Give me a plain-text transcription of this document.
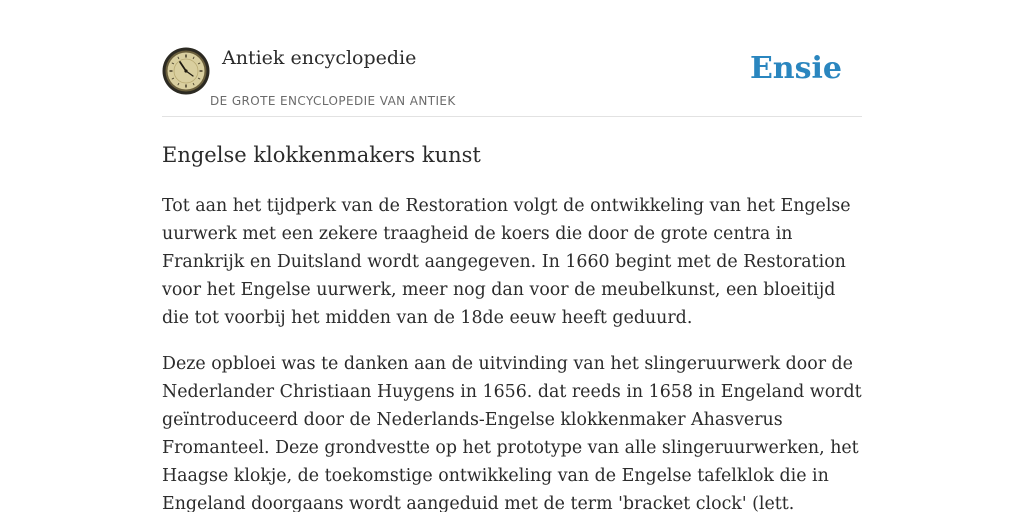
Antiek encyclopedie
DE GROTE ENCYCLOPEDIE VAN ANTIEK
Ensie
Engelse klokkenmakers kunst

Tot aan het tijdperk van de Restoration volgt de ontwikkeling van het Engelse uurwerk met een zekere traagheid de koers die door de grote centra in Frankrijk en Duitsland wordt aangegeven. In 1660 begint met de Restoration voor het Engelse uurwerk, meer nog dan voor de meubelkunst, een bloeitijd die tot voorbij het midden van de 18de eeuw heeft geduurd.

Deze opbloei was te danken aan de uitvinding van het slingeruurwerk door de Nederlander Christiaan Huygens in 1656. dat reeds in 1658 in Engeland wordt geïntroduceerd door de Nederlands-Engelse klokkenmaker Ahasverus Fromanteel. Deze grondvestte op het prototype van alle slingeruurwerken, het Haagse klokje, de toekomstige ontwikkeling van de Engelse tafelklok die in Engeland doorgaans wordt aangeduid met de term 'bracket clock' (lett.
